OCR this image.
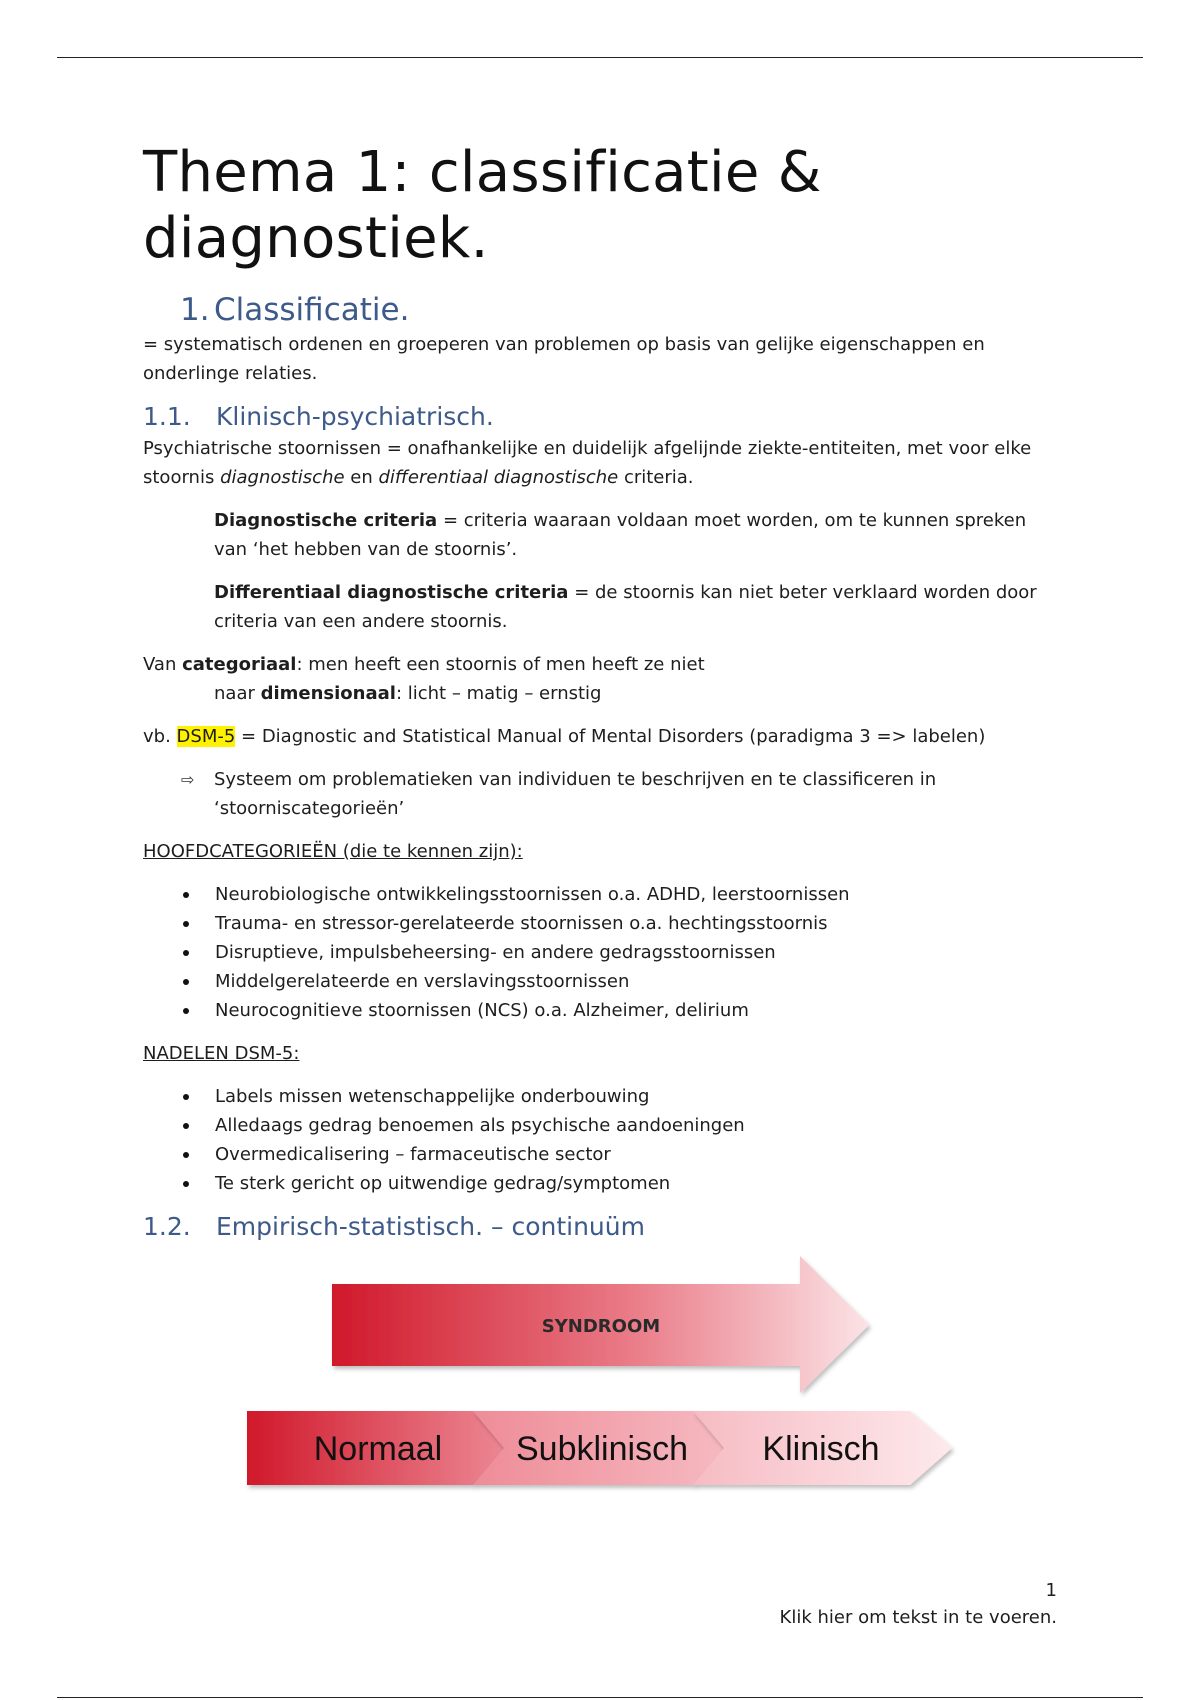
Thema 1: classificatie & diagnostiek.
1. Classificatie.

= systematisch ordenen en groeperen van problemen op basis van gelijke eigenschappen en onderlinge relaties.

1.1. Klinisch-psychiatrisch.

Psychiatrische stoornissen = onafhankelijke en duidelijk afgelijnde ziekte-entiteiten, met voor elke stoornis diagnostische en differentiaal diagnostische criteria.

Diagnostische criteria = criteria waaraan voldaan moet worden, om te kunnen spreken van ‘het hebben van de stoornis’.

Differentiaal diagnostische criteria = de stoornis kan niet beter verklaard worden door criteria van een andere stoornis.

Van categoriaal: men heeft een stoornis of men heeft ze niet

naar dimensionaal: licht – matig – ernstig

vb. DSM-5 = Diagnostic and Statistical Manual of Mental Disorders (paradigma 3 => labelen)

⇨	Systeem om problematieken van individuen te beschrijven en te classificeren in ‘stoorniscategorieën’

HOOFDCATEGORIEËN (die te kennen zijn):

Neurobiologische ontwikkelingsstoornissen o.a. ADHD, leerstoornissen
Trauma- en stressor-gerelateerde stoornissen o.a. hechtingsstoornis
Disruptieve, impulsbeheersing- en andere gedragsstoornissen
Middelgerelateerde en verslavingsstoornissen
Neurocognitieve stoornissen (NCS) o.a. Alzheimer, delirium

NADELEN DSM-5:

Labels missen wetenschappelijke onderbouwing
Alledaags gedrag benoemen als psychische aandoeningen
Overmedicalisering – farmaceutische sector
Te sterk gericht op uitwendige gedrag/symptomen
1.2. Empirisch-statistisch. – continuüm
SYNDROOM
Normaal Subklinisch Klinisch

1

Klik hier om tekst in te voeren.
